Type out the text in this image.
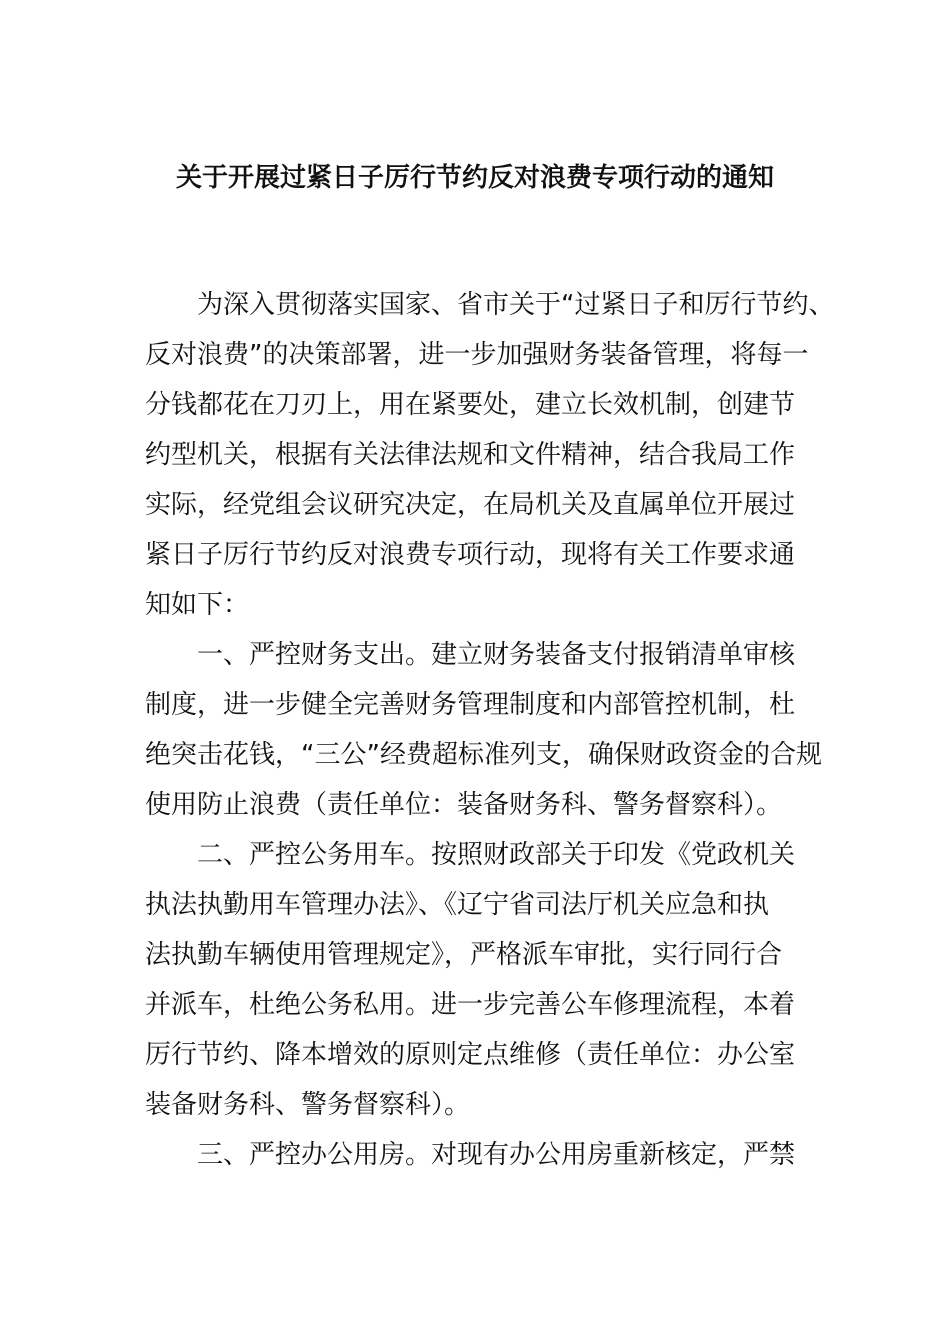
关于开展过紧日子厉行节约反对浪费专项行动的通知
为深入贯彻落实国家、省市关于“过紧日子和厉行节约、
反对浪费”的决策部署，进一步加强财务装备管理，将每一
分钱都花在刀刃上，用在紧要处，建立长效机制，创建节
约型机关，根据有关法律法规和文件精神，结合我局工作
实际，经党组会议研究决定，在局机关及直属单位开展过
紧日子厉行节约反对浪费专项行动，现将有关工作要求通
知如下：
一、严控财务支出。建立财务装备支付报销清单审核
制度，进一步健全完善财务管理制度和内部管控机制，杜
绝突击花钱，“三公”经费超标准列支，确保财政资金的合规
使用防止浪费（责任单位：装备财务科、警务督察科）。
二、严控公务用车。按照财政部关于印发《党政机关
执法执勤用车管理办法》、《辽宁省司法厅机关应急和执
法执勤车辆使用管理规定》，严格派车审批，实行同行合
并派车，杜绝公务私用。进一步完善公车修理流程，本着
厉行节约、降本增效的原则定点维修（责任单位：办公室
装备财务科、警务督察科）。
三、严控办公用房。对现有办公用房重新核定，严禁
